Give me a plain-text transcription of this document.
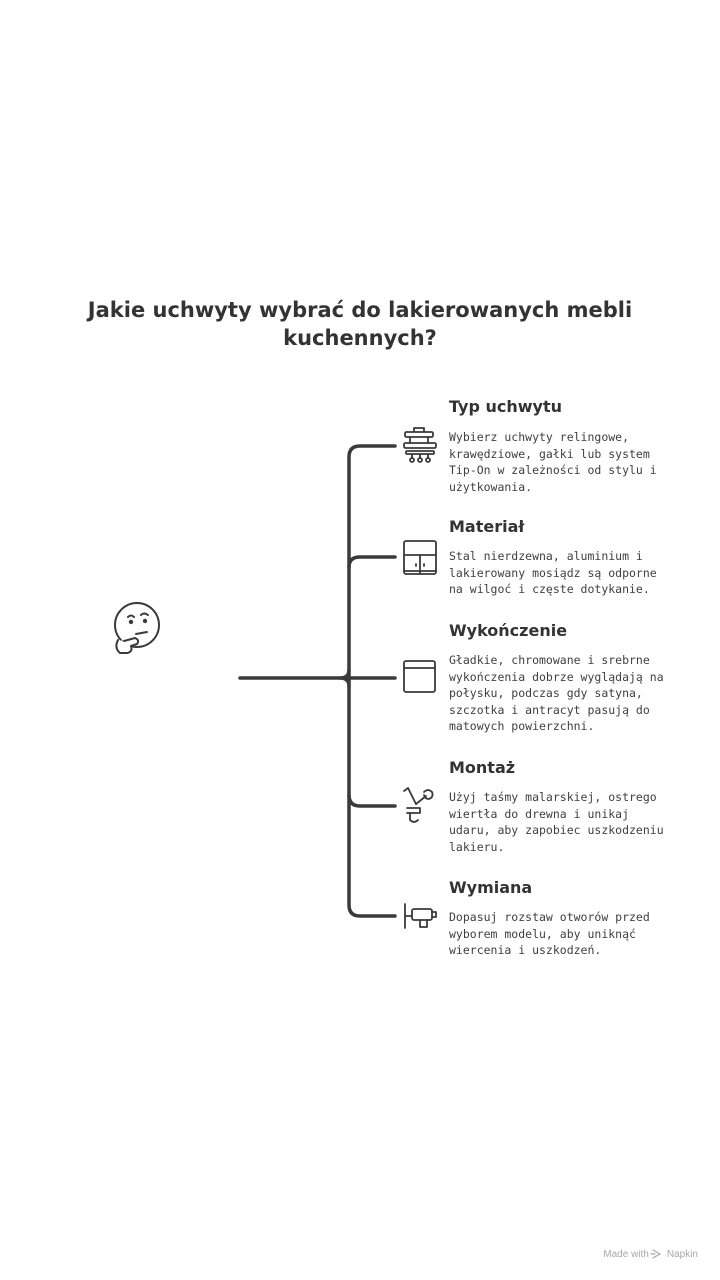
Jakie uchwyty wybrać do lakierowanych mebli kuchennych?
Typ uchwytu

Wybierz uchwyty relingowe, krawędziowe, gałki lub system Tip-On w zależności od stylu i użytkowania.

Materiał

Stal nierdzewna, aluminium i lakierowany mosiądz są odporne na wilgoć i częste dotykanie.

Wykończenie

Gładkie, chromowane i srebrne wykończenia dobrze wyglądają na połysku, podczas gdy satyna, szczotka i antracyt pasują do matowych powierzchni.

Montaż

Użyj taśmy malarskiej, ostrego wiertła do drewna i unikaj udaru, aby zapobiec uszkodzeniu lakieru.

Wymiana

Dopasuj rozstaw otworów przed wyborem modelu, aby uniknąć wiercenia i uszkodzeń.

Made with Napkin
